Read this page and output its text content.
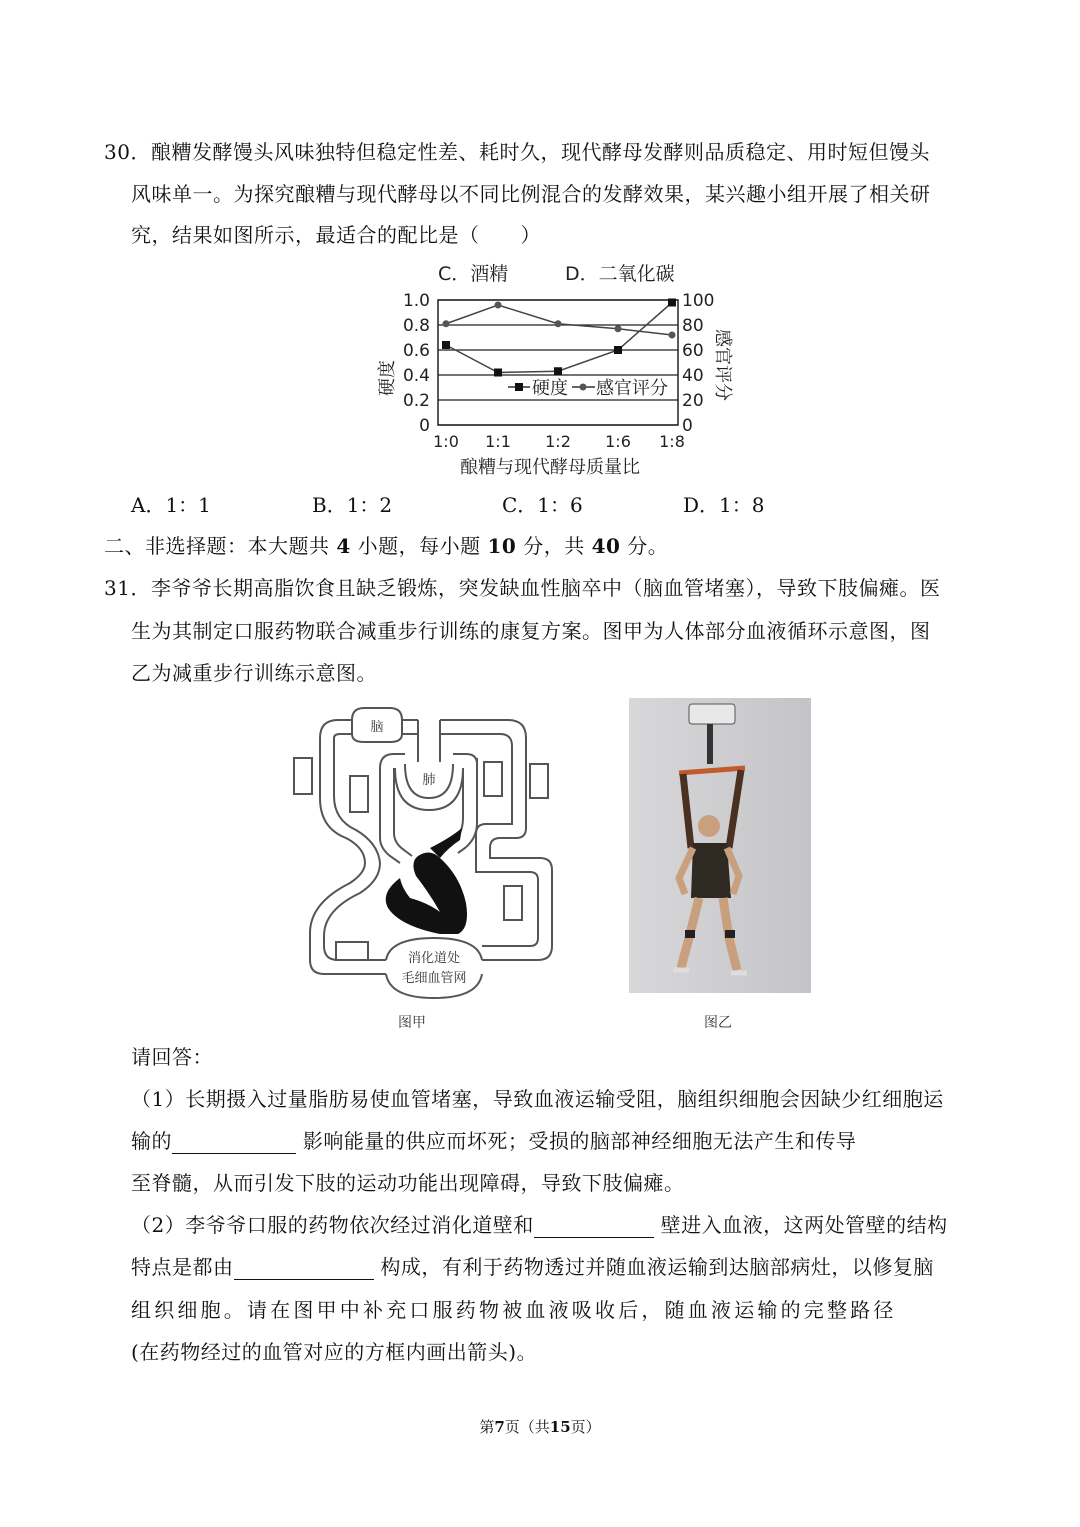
30．酿糟发酵馒头风味独特但稳定性差、耗时久，现代酵母发酵则品质稳定、用时短但馒头
风味单一。为探究酿糟与现代酵母以不同比例混合的发酵效果，某兴趣小组开展了相关研
究，结果如图所示，最适合的配比是（　　）
C．酒精	D．二氧化碳
0
0.2
0.4
0.6
0.8
1.0
0
20
40
60
80
100
1:0 1:1 1:2 1:6 1:8
硬度	感官评分
硬度 感官评分
酿糟与现代酵母质量比
A．1：1	B．1：2	C．1：6	D．1：8
二、非选择题：本大题共 4 小题，每小题 10 分，共 40 分。
31．李爷爷长期高脂饮食且缺乏锻炼，突发缺血性脑卒中（脑血管堵塞），导致下肢偏瘫。医
生为其制定口服药物联合减重步行训练的康复方案。图甲为人体部分血液循环示意图，图
乙为减重步行训练示意图。
脑
肺
消化道处
毛细血管网
图甲	图乙
请回答：
（1）长期摄入过量脂肪易使血管堵塞，导致血液运输受阻，脑组织细胞会因缺少红细胞运
输的	影响能量的供应而坏死；受损的脑部神经细胞无法产生和传导
至脊髓，从而引发下肢的运动功能出现障碍，导致下肢偏瘫。
（2）李爷爷口服的药物依次经过消化道壁和	壁进入血液，这两处管壁的结构
特点是都由	构成，有利于药物透过并随血液运输到达脑部病灶，以修复脑
组织细胞。请在图甲中补充口服药物被血液吸收后，随血液运输的完整路径
(在药物经过的血管对应的方框内画出箭头)。
第7页（共15页）
